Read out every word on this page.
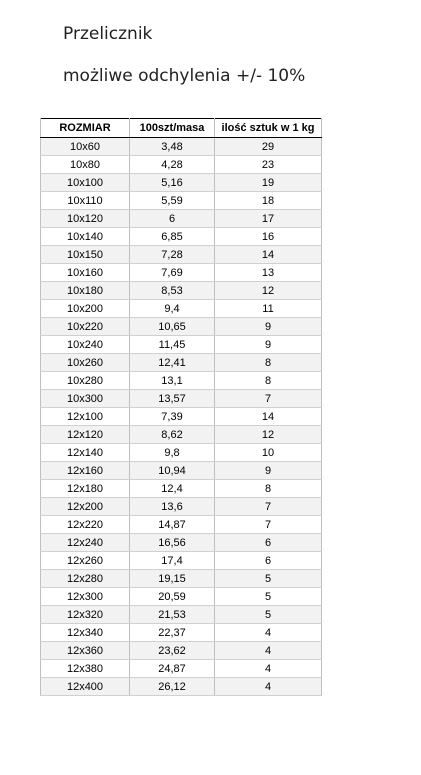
Przelicznik

możliwe odchylenia +/- 10%

ROZMIAR	100szt/masa	ilość sztuk w 1 kg
10x60	3,48	29
10x80	4,28	23
10x100	5,16	19
10x110	5,59	18
10x120	6	17
10x140	6,85	16
10x150	7,28	14
10x160	7,69	13
10x180	8,53	12
10x200	9,4	11
10x220	10,65	9
10x240	11,45	9
10x260	12,41	8
10x280	13,1	8
10x300	13,57	7
12x100	7,39	14
12x120	8,62	12
12x140	9,8	10
12x160	10,94	9
12x180	12,4	8
12x200	13,6	7
12x220	14,87	7
12x240	16,56	6
12x260	17,4	6
12x280	19,15	5
12x300	20,59	5
12x320	21,53	5
12x340	22,37	4
12x360	23,62	4
12x380	24,87	4
12x400	26,12	4
